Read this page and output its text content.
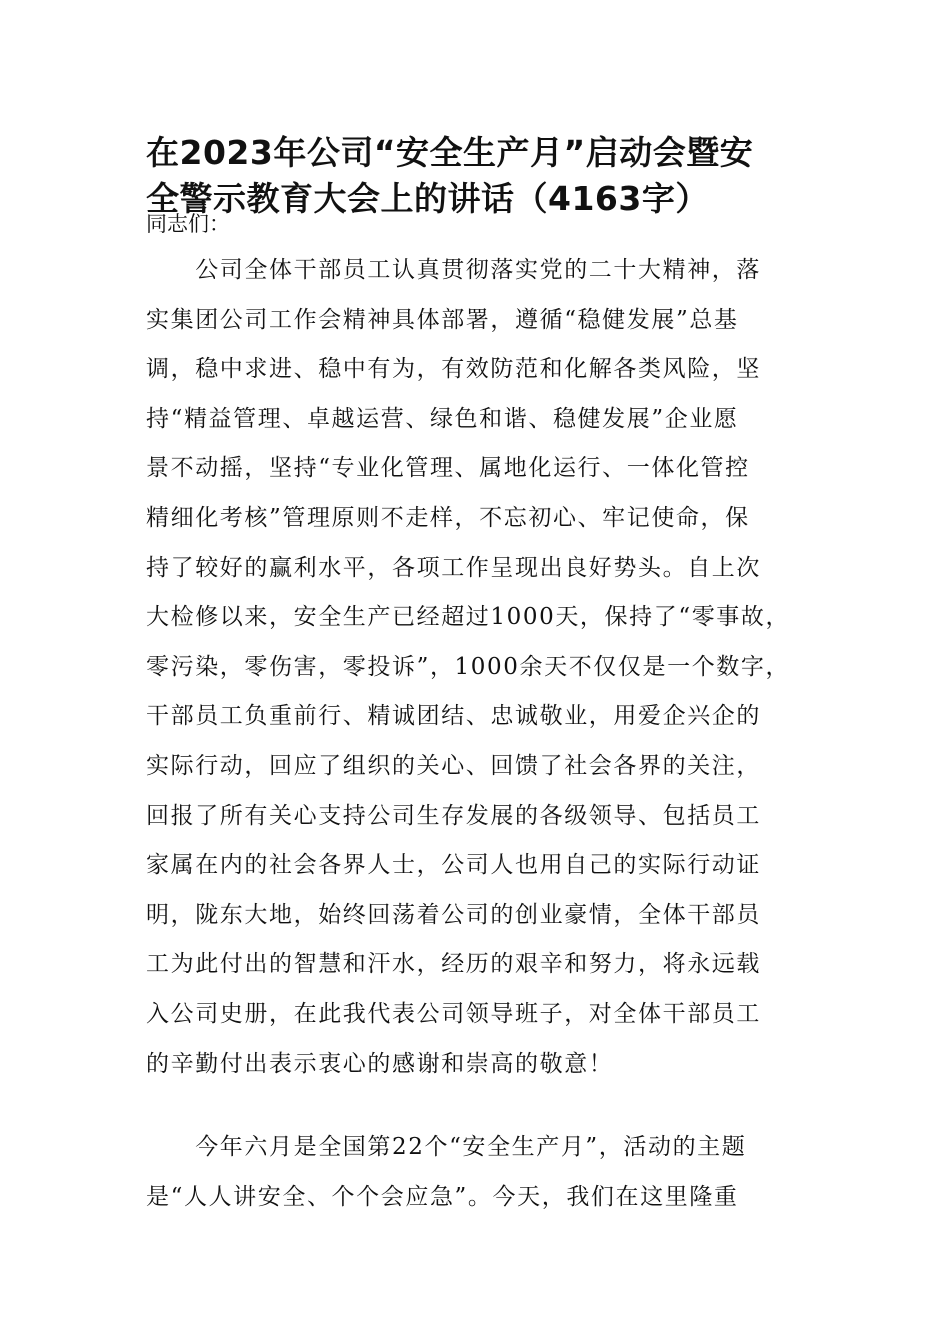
在2023年公司“安全生产月”启动会暨安
全警示教育大会上的讲话（4163字）

同志们：

　　公司全体干部员工认真贯彻落实党的二十大精神，落
实集团公司工作会精神具体部署，遵循“稳健发展”总基
调，稳中求进、稳中有为，有效防范和化解各类风险，坚
持“精益管理、卓越运营、绿色和谐、稳健发展”企业愿
景不动摇，坚持“专业化管理、属地化运行、一体化管控
精细化考核”管理原则不走样，不忘初心、牢记使命，保
持了较好的赢利水平，各项工作呈现出良好势头。自上次
大检修以来，安全生产已经超过1000天，保持了“零事故，
零污染，零伤害，零投诉”，1000余天不仅仅是一个数字，
干部员工负重前行、精诚团结、忠诚敬业，用爱企兴企的
实际行动，回应了组织的关心、回馈了社会各界的关注，
回报了所有关心支持公司生存发展的各级领导、包括员工
家属在内的社会各界人士，公司人也用自己的实际行动证
明，陇东大地，始终回荡着公司的创业豪情，全体干部员
工为此付出的智慧和汗水，经历的艰辛和努力，将永远载
入公司史册，在此我代表公司领导班子，对全体干部员工
的辛勤付出表示衷心的感谢和崇高的敬意！
　　今年六月是全国第22个“安全生产月”，活动的主题
是“人人讲安全、个个会应急”。今天，我们在这里隆重
